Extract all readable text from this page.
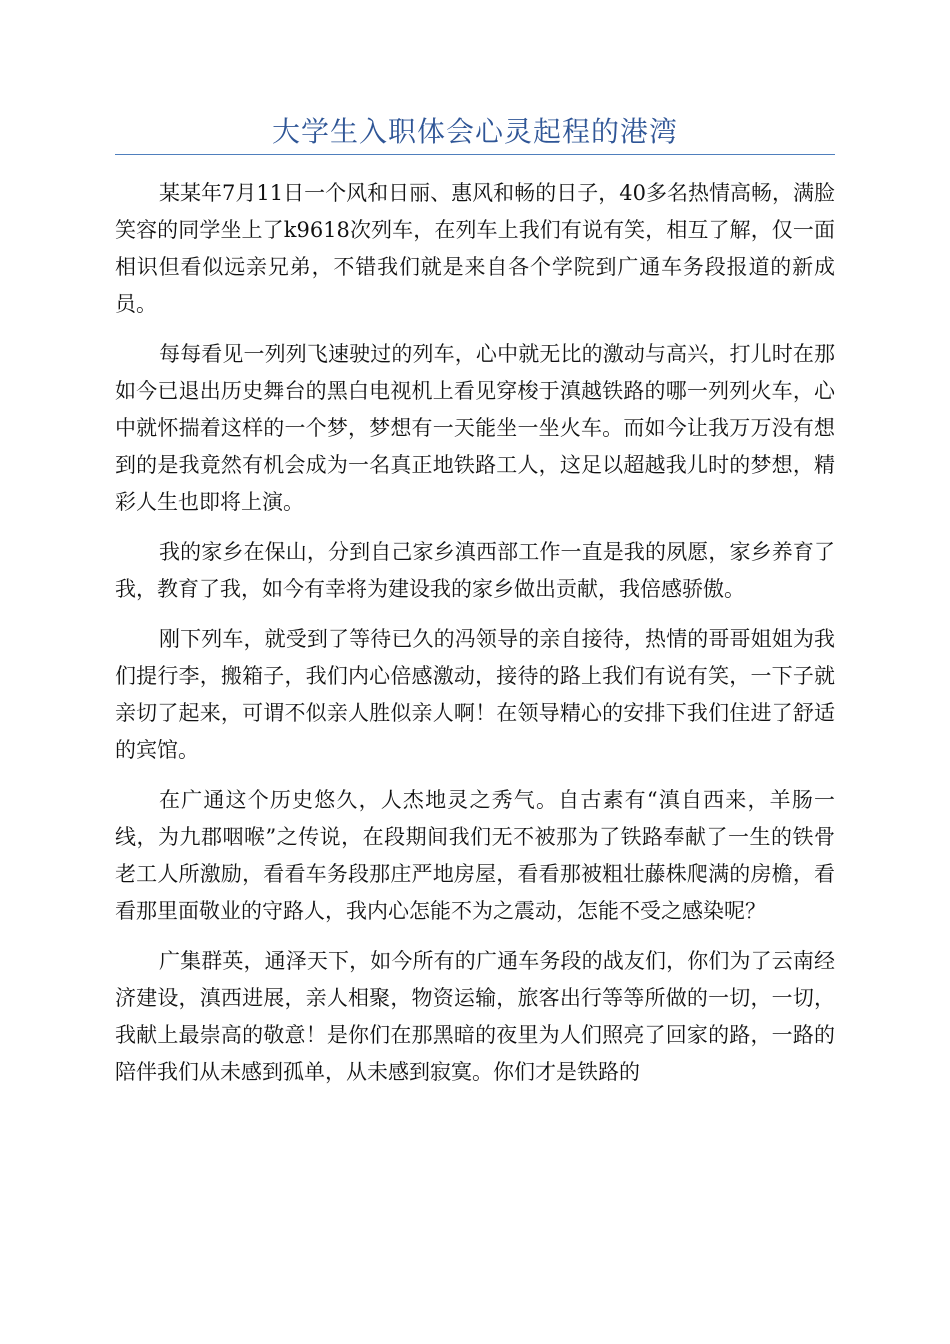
大学生入职体会心灵起程的港湾

某某年7月11日一个风和日丽、惠风和畅的日子，40多名热情高畅，满脸笑容的同学坐上了k9618次列车，在列车上我们有说有笑，相互了解，仅一面相识但看似远亲兄弟，不错我们就是来自各个学院到广通车务段报道的新成员。

每每看见一列列飞速驶过的列车，心中就无比的激动与高兴，打儿时在那如今已退出历史舞台的黑白电视机上看见穿梭于滇越铁路的哪一列列火车，心中就怀揣着这样的一个梦，梦想有一天能坐一坐火车。而如今让我万万没有想到的是我竟然有机会成为一名真正地铁路工人，这足以超越我儿时的梦想，精彩人生也即将上演。

我的家乡在保山，分到自己家乡滇西部工作一直是我的夙愿，家乡养育了我，教育了我，如今有幸将为建设我的家乡做出贡献，我倍感骄傲。

刚下列车，就受到了等待已久的冯领导的亲自接待，热情的哥哥姐姐为我们提行李，搬箱子，我们内心倍感激动，接待的路上我们有说有笑，一下子就亲切了起来，可谓不似亲人胜似亲人啊！在领导精心的安排下我们住进了舒适的宾馆。

在广通这个历史悠久，人杰地灵之秀气。自古素有“滇自西来，羊肠一线，为九郡咽喉”之传说，在段期间我们无不被那为了铁路奉献了一生的铁骨老工人所激励，看看车务段那庄严地房屋，看看那被粗壮藤株爬满的房檐，看看那里面敬业的守路人，我内心怎能不为之震动，怎能不受之感染呢？

广集群英，通泽天下，如今所有的广通车务段的战友们，你们为了云南经济建设，滇西进展，亲人相聚，物资运输，旅客出行等等所做的一切，一切，我献上最崇高的敬意！是你们在那黑暗的夜里为人们照亮了回家的路，一路的陪伴我们从未感到孤单，从未感到寂寞。你们才是铁路的
